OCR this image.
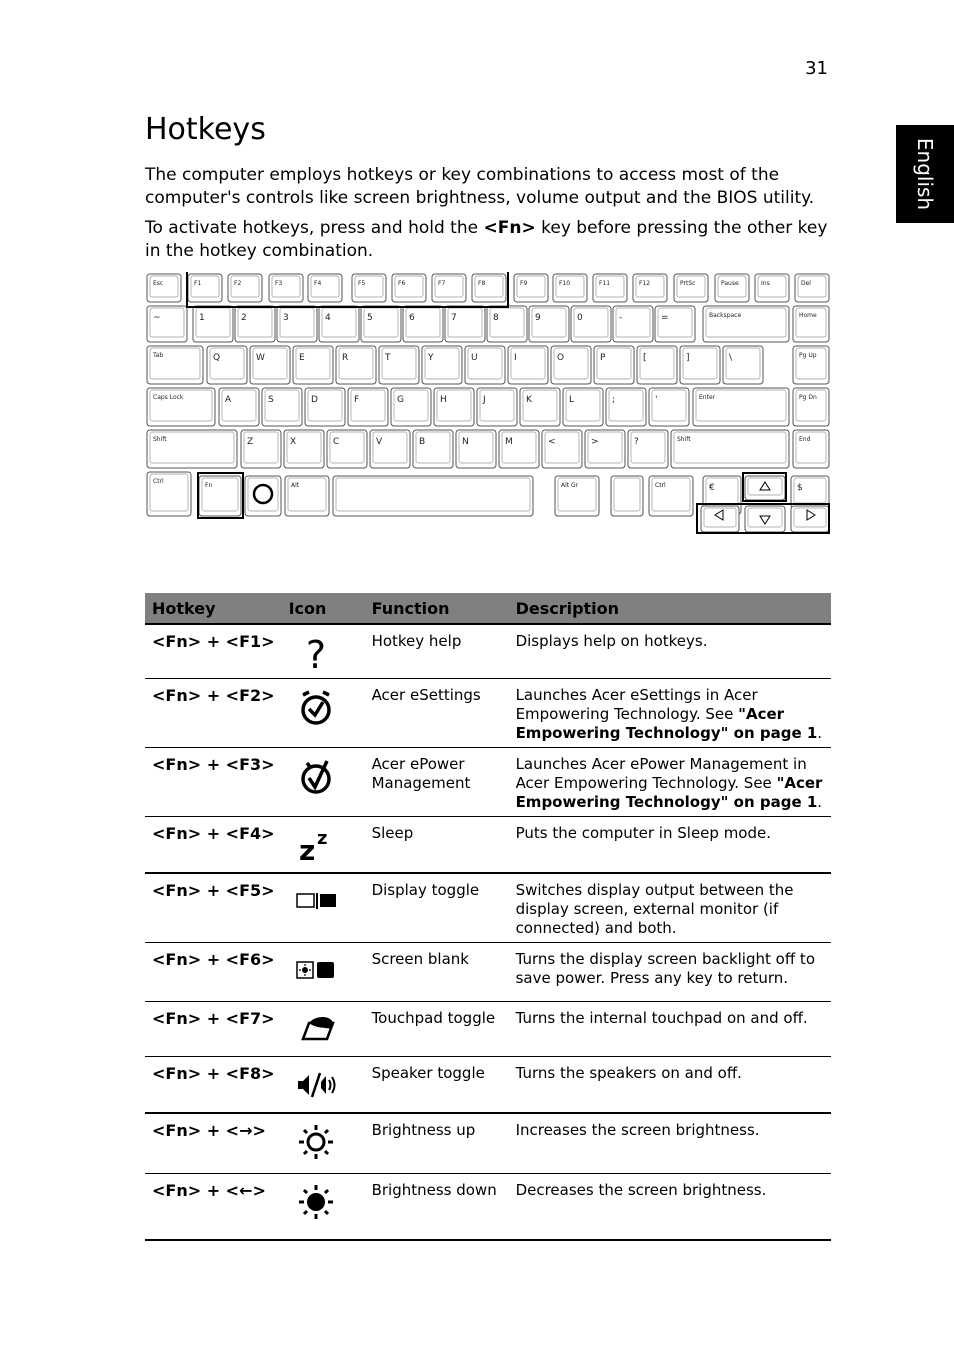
31
English
Hotkeys

The computer employs hotkeys or key combinations to access most of the computer's controls like screen brightness, volume output and the BIOS utility.

To activate hotkeys, press and hold the <Fn> key before pressing the other key in the hotkey combination.

Esc	F1	F2	F3	F4	F5	F6	F7	F8	F9	F10	F11	F12	PrtSc	Pause	Ins	Del
~	1	2	3	4	5	6	7	8	9	0	-	=	Backspace	Home
Tab	Q	W	E	R	T	Y	U	I	O	P	[	]	\	Pg Up
Caps Lock	A	S	D	F	G	H	J	K	L	;	'	Enter	Pg Dn
Shift	Z	X	C	V	B	N	M	<	>	?	Shift	End
Ctrl
Fn	Alt	Alt Gr	Ctrl	€	$
Hotkey	Icon	Function	Description
<Fn> + <F1>	?	Hotkey help	Displays help on hotkeys.
<Fn> + <F2>		Acer eSettings	Launches Acer eSettings in Acer Empowering Technology. See "Acer Empowering Technology" on page 1.
<Fn> + <F3>		Acer ePower Management	Launches Acer ePower Management in Acer Empowering Technology. See "Acer Empowering Technology" on page 1.
<Fn> + <F4>	z z	Sleep	Puts the computer in Sleep mode.
<Fn> + <F5>		Display toggle	Switches display output between the display screen, external monitor (if connected) and both.
<Fn> + <F6>		Screen blank	Turns the display screen backlight off to save power. Press any key to return.
<Fn> + <F7>		Touchpad toggle	Turns the internal touchpad on and off.
<Fn> + <F8>		Speaker toggle	Turns the speakers on and off.
<Fn> + <→>		Brightness up	Increases the screen brightness.
<Fn> + <←>		Brightness down	Decreases the screen brightness.
